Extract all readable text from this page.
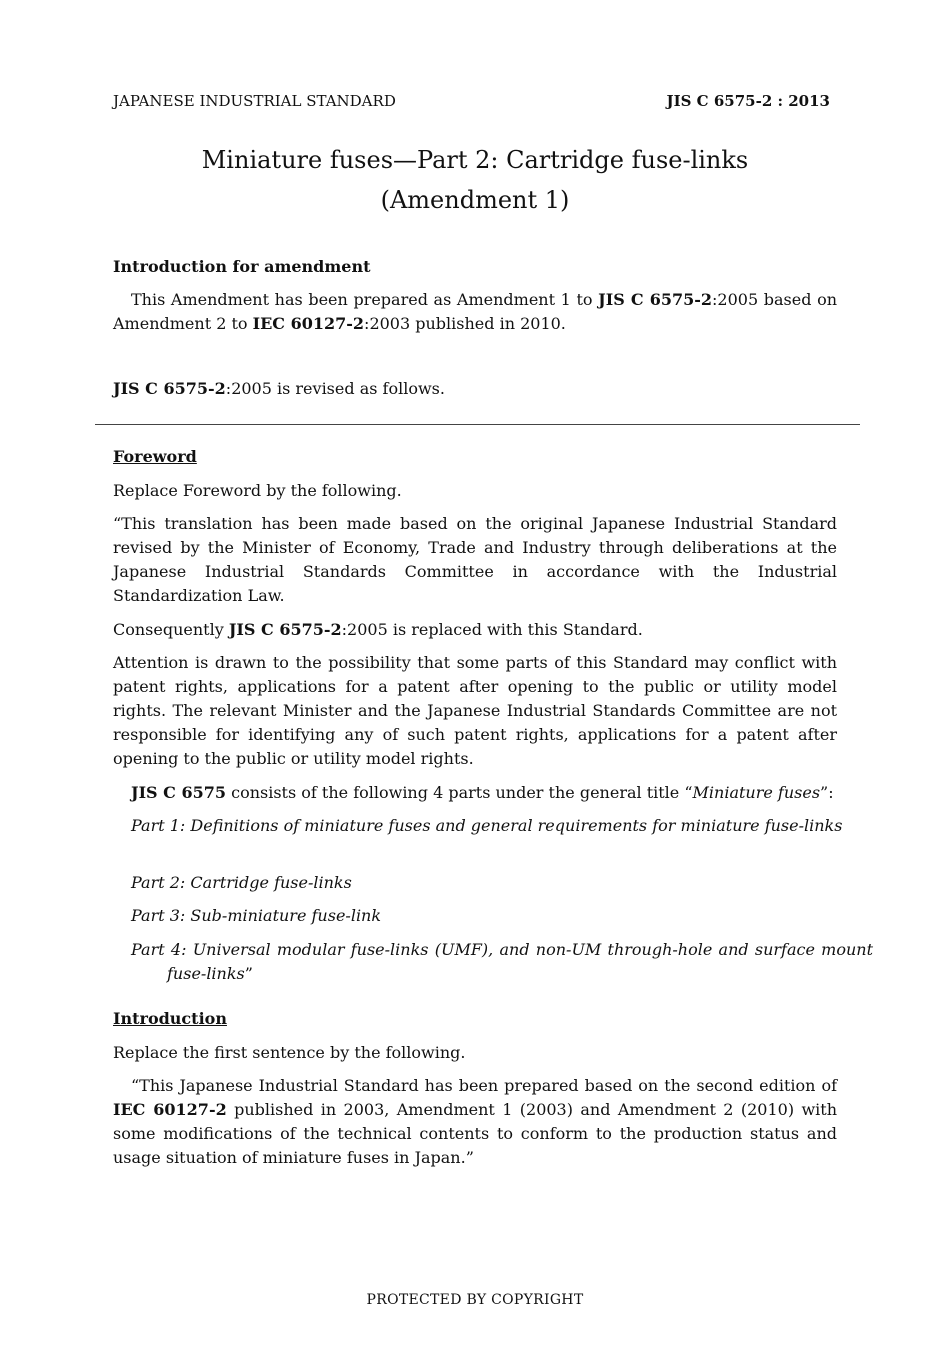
JAPANESE INDUSTRIAL STANDARD	JIS C 6575-2 : 2013
Miniature fuses—Part 2: Cartridge fuse-links
(Amendment 1)
Introduction for amendment
This Amendment has been prepared as Amendment 1 to JIS C 6575-2:2005 based on Amendment 2 to IEC 60127-2:2003 published in 2010.
JIS C 6575-2:2005 is revised as follows.
Foreword
Replace Foreword by the following.
“This translation has been made based on the original Japanese Industrial Standard revised by the Minister of Economy, Trade and Industry through deliberations at the Japanese Industrial Standards Committee in accordance with the Industrial Standardization Law.
Consequently JIS C 6575-2:2005 is replaced with this Standard.
Attention is drawn to the possibility that some parts of this Standard may conflict with patent rights, applications for a patent after opening to the public or utility model rights. The relevant Minister and the Japanese Industrial Standards Committee are not responsible for identifying any of such patent rights, applications for a patent after opening to the public or utility model rights.
JIS C 6575 consists of the following 4 parts under the general title “Miniature fuses”:
Part 1: Definitions of miniature fuses and general requirements for miniature fuse-links
Part 2: Cartridge fuse-links
Part 3: Sub-miniature fuse-link
Part 4: Universal modular fuse-links (UMF), and non-UM through-hole and surface mount fuse-links”
Introduction
Replace the first sentence by the following.
“This Japanese Industrial Standard has been prepared based on the second edition of IEC 60127-2 published in 2003, Amendment 1 (2003) and Amendment 2 (2010) with some modifications of the technical contents to conform to the production status and usage situation of miniature fuses in Japan.”
PROTECTED BY COPYRIGHT
